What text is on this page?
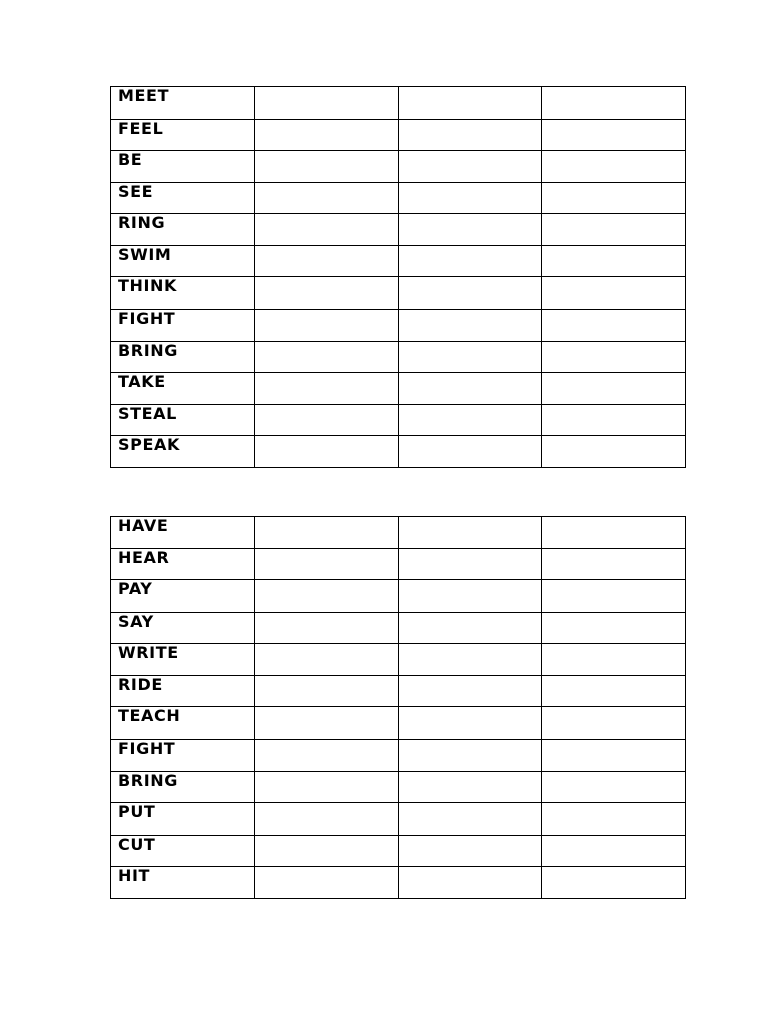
MEET			
FEEL			
BE			
SEE			
RING			
SWIM			
THINK			
FIGHT			
BRING			
TAKE			
STEAL			
SPEAK			
HAVE			
HEAR			
PAY			
SAY			
WRITE			
RIDE			
TEACH			
FIGHT			
BRING			
PUT			
CUT			
HIT			
